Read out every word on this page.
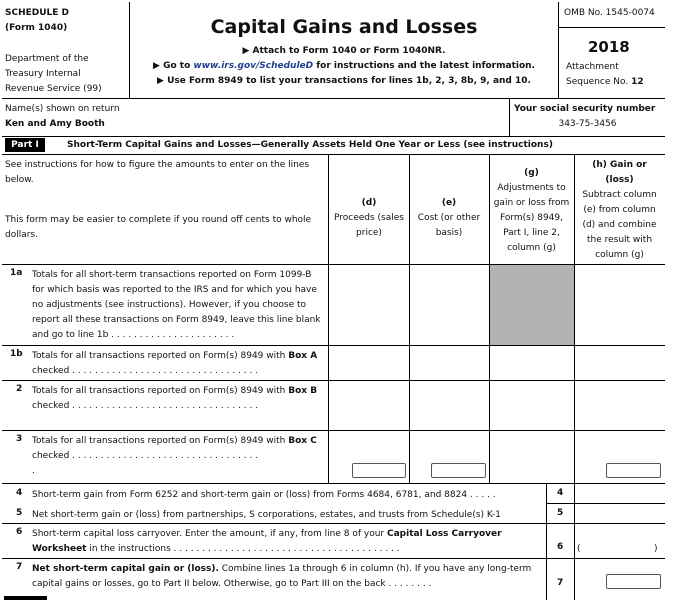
SCHEDULE D
(Form 1040)
Department of the
Treasury Internal
Revenue Service (99)
Capital Gains and Losses
▶ Attach to Form 1040 or Form 1040NR.
▶ Go to www.irs.gov/ScheduleD for instructions and the latest information.
▶ Use Form 8949 to list your transactions for lines 1b, 2, 3, 8b, 9, and 10.
OMB No. 1545-0074
2018
Attachment
Sequence No. 12
Name(s) shown on return
Ken and Amy Booth
Your social security number
343-75-3456
Part I	Short-Term Capital Gains and Losses—Generally Assets Held One Year or Less (see instructions)
See instructions for how to figure the amounts to enter on the lines
below.
This form may be easier to complete if you round off cents to whole
dollars.
(d)
Proceeds (sales
price)
(e)
Cost (or other
basis)
(g)
Adjustments to
gain or loss from
Form(s) 8949,
Part I, line 2,
column (g)
(h) Gain or
(loss)
Subtract column
(e) from column
(d) and combine
the result with
column (g)
1a Totals for all short-term transactions reported on Form 1099-B
for which basis was reported to the IRS and for which you have
no adjustments (see instructions). However, if you choose to
report all these transactions on Form 8949, leave this line blank
and go to line 1b . . . . . . . . . . . . . . . . . . . . . .
1b Totals for all transactions reported on Form(s) 8949 with Box A
checked . . . . . . . . . . . . . . . . . . . . . . . . . . . . . . . . .
2 Totals for all transactions reported on Form(s) 8949 with Box B
checked . . . . . . . . . . . . . . . . . . . . . . . . . . . . . . . . .
3 Totals for all transactions reported on Form(s) 8949 with Box C
checked . . . . . . . . . . . . . . . . . . . . . . . . . . . . . . . . .
.
4 Short-term gain from Form 6252 and short-term gain or (loss) from Forms 4684, 6781, and 8824 . . . . .	4
5 Net short-term gain or (loss) from partnerships, S corporations, estates, and trusts from Schedule(s) K-1	5
6 Short-term capital loss carryover. Enter the amount, if any, from line 8 of your Capital Loss Carryover
Worksheet in the instructions . . . . . . . . . . . . . . . . . . . . . . . . . . . . . . . . . . . . . . . .	6 (	)
7 Net short-term capital gain or (loss). Combine lines 1a through 6 in column (h). If you have any long-term
capital gains or losses, go to Part II below. Otherwise, go to Part III on the back . . . . . . . .	7
